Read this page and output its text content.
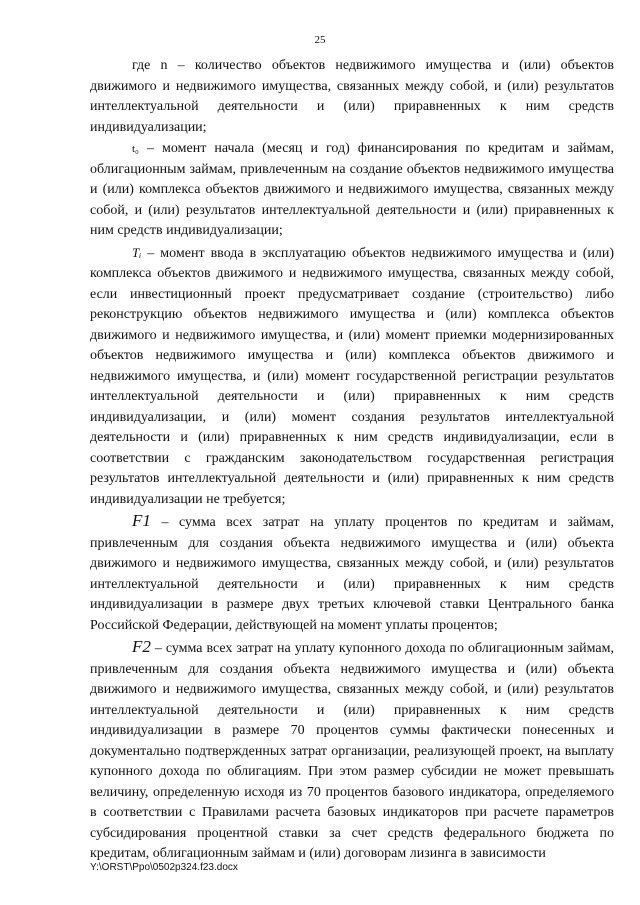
25

где n – количество объектов недвижимого имущества и (или) объектов движимого и недвижимого имущества, связанных между собой, и (или) результатов интеллектуальной деятельности и (или) приравненных к ним средств индивидуализации;

t₀ – момент начала (месяц и год) финансирования по кредитам и займам, облигационным займам, привлеченным на создание объектов недвижимого имущества и (или) комплекса объектов движимого и недвижимого имущества, связанных между собой, и (или) результатов интеллектуальной деятельности и (или) приравненных к ним средств индивидуализации;

Tᵢ – момент ввода в эксплуатацию объектов недвижимого имущества и (или) комплекса объектов движимого и недвижимого имущества, связанных между собой, если инвестиционный проект предусматривает создание (строительство) либо реконструкцию объектов недвижимого имущества и (или) комплекса объектов движимого и недвижимого имущества, и (или) момент приемки модернизированных объектов недвижимого имущества и (или) комплекса объектов движимого и недвижимого имущества, и (или) момент государственной регистрации результатов интеллектуальной деятельности и (или) приравненных к ним средств индивидуализации, и (или) момент создания результатов интеллектуальной деятельности и (или) приравненных к ним средств индивидуализации, если в соответствии с гражданским законодательством государственная регистрация результатов интеллектуальной деятельности и (или) приравненных к ним средств индивидуализации не требуется;

F1 – сумма всех затрат на уплату процентов по кредитам и займам, привлеченным для создания объекта недвижимого имущества и (или) объекта движимого и недвижимого имущества, связанных между собой, и (или) результатов интеллектуальной деятельности и (или) приравненных к ним средств индивидуализации в размере двух третьих ключевой ставки Центрального банка Российской Федерации, действующей на момент уплаты процентов;

F2 – сумма всех затрат на уплату купонного дохода по облигационным займам, привлеченным для создания объекта недвижимого имущества и (или) объекта движимого и недвижимого имущества, связанных между собой, и (или) результатов интеллектуальной деятельности и (или) приравненных к ним средств индивидуализации в размере 70 процентов суммы фактически понесенных и документально подтвержденных затрат организации, реализующей проект, на выплату купонного дохода по облигациям. При этом размер субсидии не может превышать величину, определенную исходя из 70 процентов базового индикатора, определяемого в соответствии с Правилами расчета базовых индикаторов при расчете параметров субсидирования процентной ставки за счет средств федерального бюджета по кредитам, облигационным займам и (или) договорам лизинга в зависимости

Y:\ORST\Ppo\0502p324.f23.docx
